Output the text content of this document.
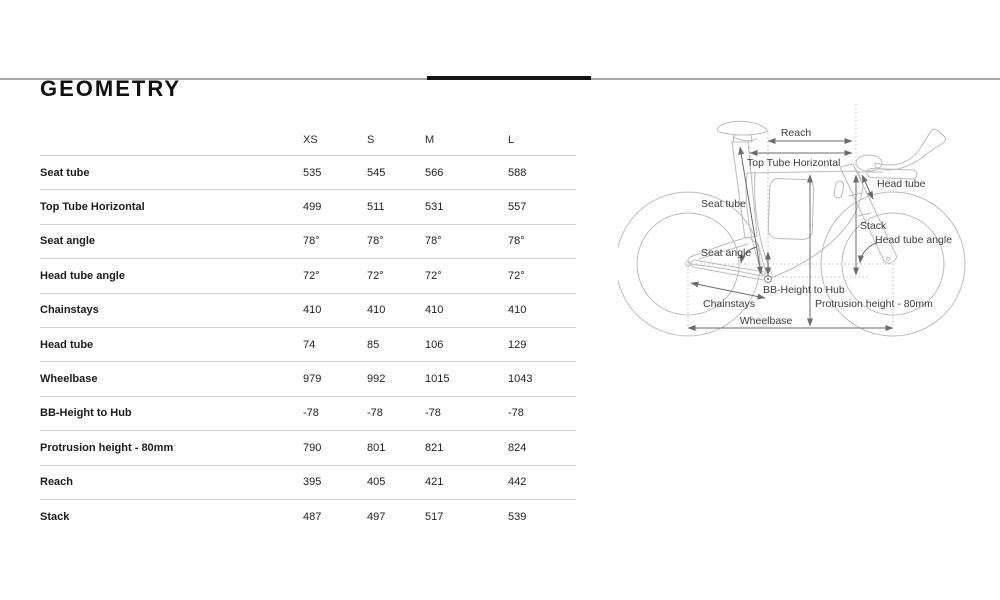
GEOMETRY
XS	S	M	L
Seat tube	535	545	566	588
Top Tube Horizontal	499	511	531	557
Seat angle	78°	78°	78°	78°
Head tube angle	72°	72°	72°	72°
Chainstays	410	410	410	410
Head tube	74	85	106	129
Wheelbase	979	992	1015	1043
BB-Height to Hub	-78	-78	-78	-78
Protrusion height - 80mm	790	801	821	824
Reach	395	405	421	442
Stack	487	497	517	539
Reach
Top Tube Horizontal
Head tube
Seat tube
Stack
Head tube angle
Seat angle
BB-Height to Hub
Chainstays	Protrusion height - 80mm
Wheelbase
